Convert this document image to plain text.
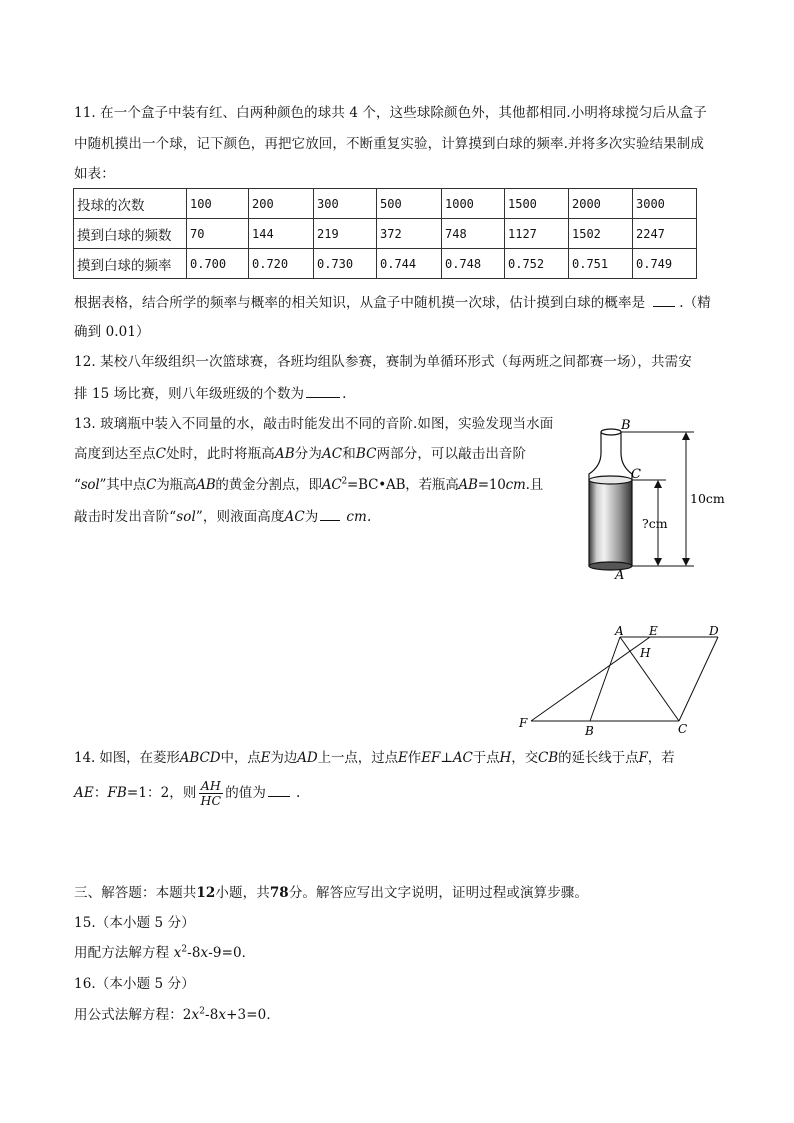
11. 在一个盒子中装有红、白两种颜色的球共 4 个，这些球除颜色外，其他都相同.小明将球搅匀后从盒子
中随机摸出一个球，记下颜色，再把它放回，不断重复实验，计算摸到白球的频率.并将多次实验结果制成
如表：
投球的次数	100	200	300	500	1000	1500	2000	3000
摸到白球的频数	70	144	219	372	748	1127	1502	2247
摸到白球的频率	0.700	0.720	0.730	0.744	0.748	0.752	0.751	0.749
根据表格，结合所学的频率与概率的相关知识，从盒子中随机摸一次球，估计摸到白球的概率是	.（精
确到 0.01）
12. 某校八年级组织一次篮球赛，各班均组队参赛，赛制为单循环形式（每两班之间都赛一场），共需安
排 15 场比赛，则八年级班级的个数为	.
13. 玻璃瓶中装入不同量的水，敲击时能发出不同的音阶.如图，实验发现当水面
高度到达至点C处时，此时将瓶高AB分为AC和BC两部分，可以敲击出音阶
“sol”其中点C为瓶高AB的黄金分割点，即$AC^2=BC•AB$，若瓶高AB=10cm.且
敲击时发出音阶“sol”，则液面高度AC为 cm.
B
C
A
10cm
?cm
A E	D
H
F
B	C
14. 如图，在菱形ABCD中，点E为边AD上一点，过点E作EF⊥AC于点H，交CB的延长线于点F，若
AE：FB=1：2，则 $\frac{AH}{HC}$ 的值为 .
三、解答题：本题共12小题，共78分。解答应写出文字说明，证明过程或演算步骤。
15.（本小题 5 分）
用配方法解方程 $x^2-8x-9=0$．
16.（本小题 5 分）
用公式法解方程：$2x^2-8x+3=0$．
